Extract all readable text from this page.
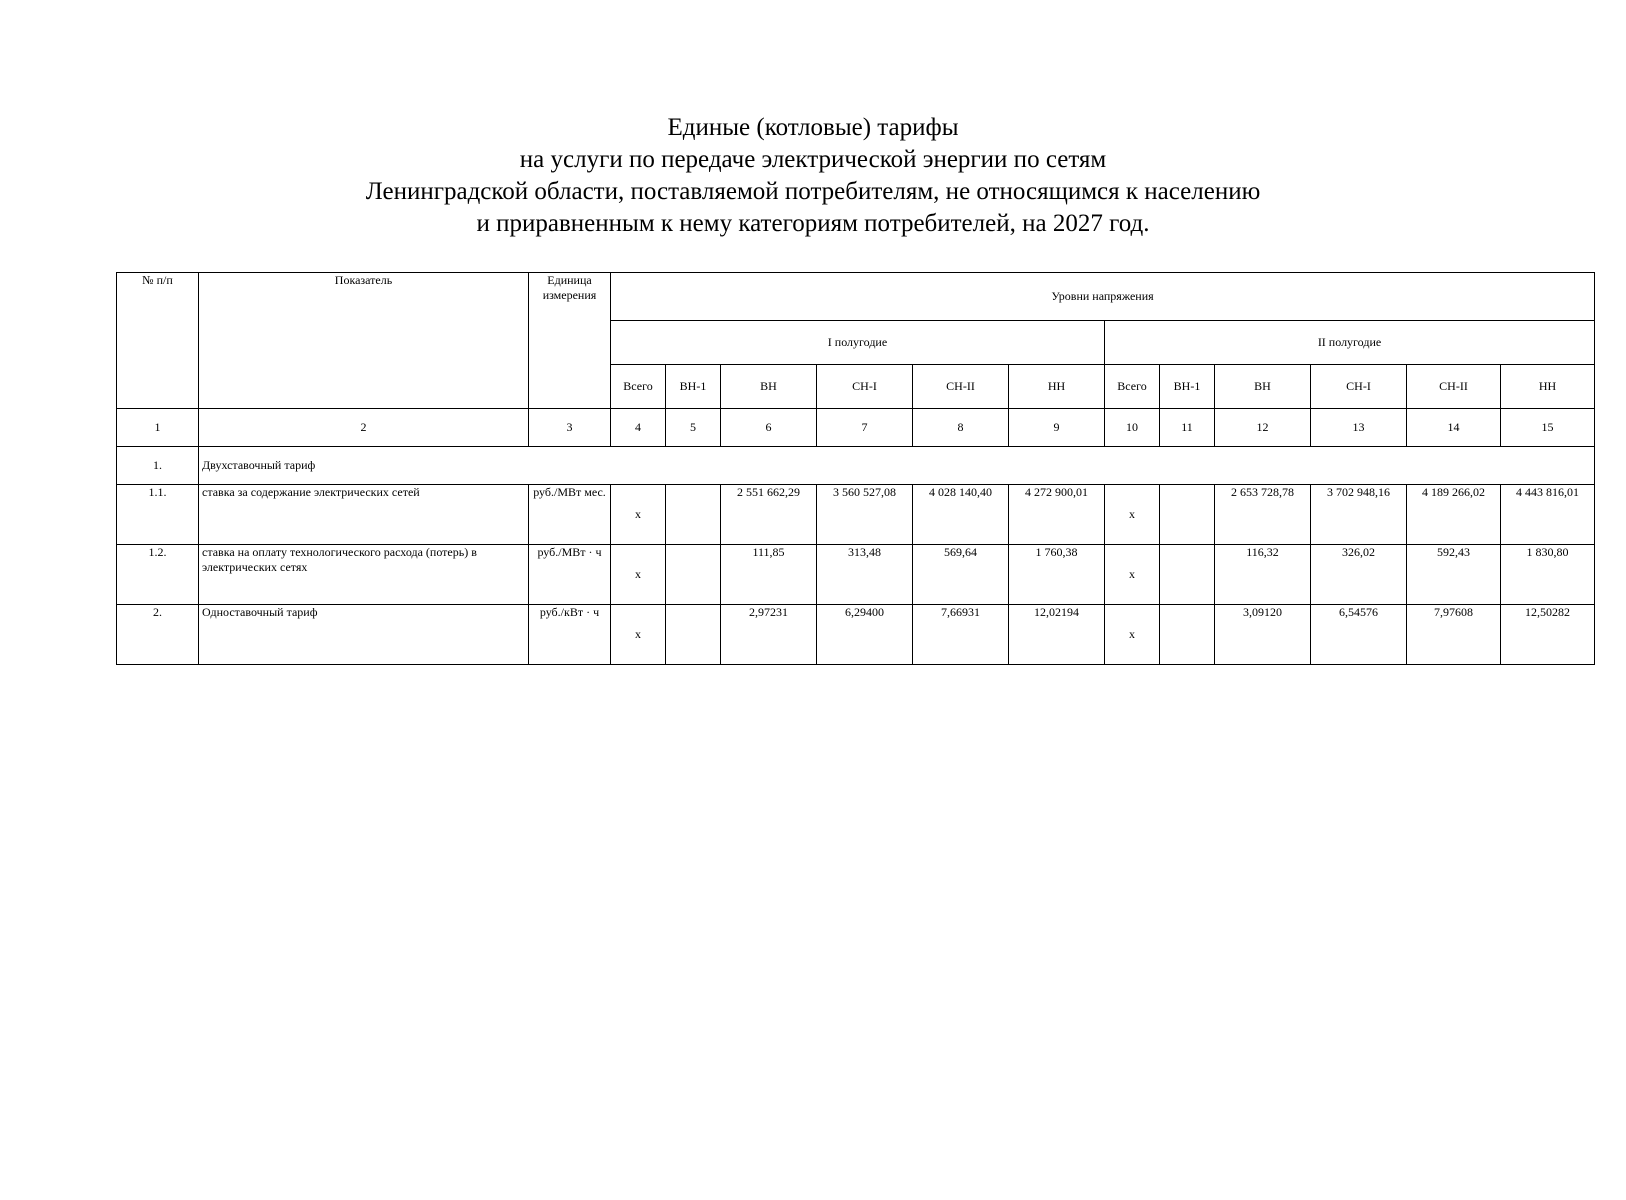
Единые (котловые) тарифы
на услуги по передаче электрической энергии по сетям
Ленинградской области, поставляемой потребителям, не относящимся к населению
и приравненным к нему категориям потребителей, на 2027 год.
№ п/п	Показатель	Единица измерения	Уровни напряжения											
			I полугодие						II полугодие					
			Всего	ВН-1	ВН	СН-I	СН-II	НН	Всего	ВН-1	ВН	СН-I	СН-II	НН
1	2	3	4	5	6	7	8	9	10	11	12	13	14	15
1.	Двухставочный тариф													
1.1.	ставка за содержание электрических сетей	руб./МВт мес.	х		2 551 662,29	3 560 527,08	4 028 140,40	4 272 900,01	х		2 653 728,78	3 702 948,16	4 189 266,02	4 443 816,01
1.2.	ставка на оплату технологического расхода (потерь) в электрических сетях	руб./МВт · ч	х		111,85	313,48	569,64	1 760,38	х		116,32	326,02	592,43	1 830,80
2.	Одноставочный тариф	руб./кВт · ч	х		2,97231	6,29400	7,66931	12,02194	х		3,09120	6,54576	7,97608	12,50282
